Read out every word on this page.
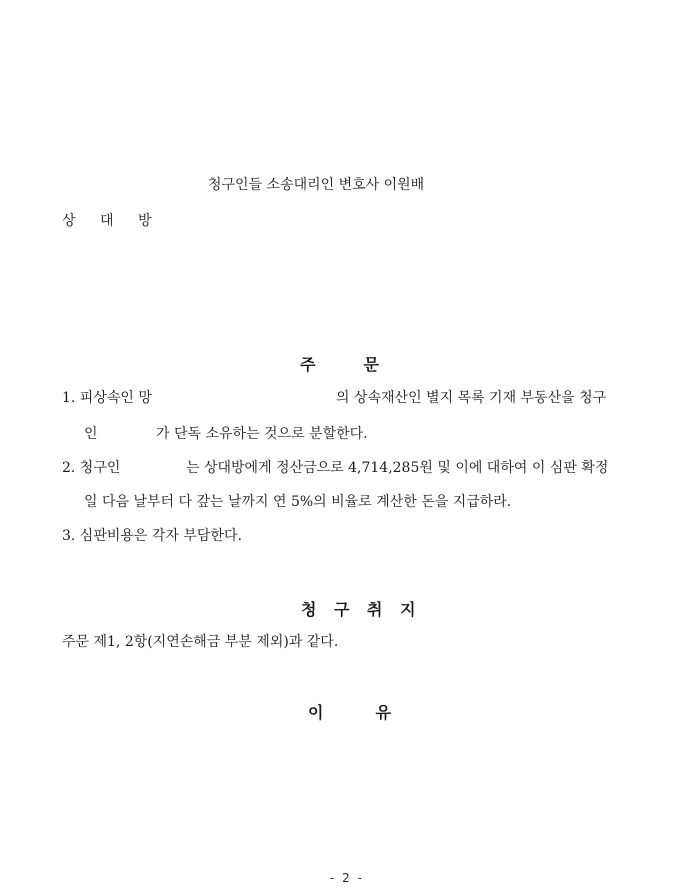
청구인들 소송대리인 변호사 이원배
상 대 방
주	문
1. 피상속인 망	의 상속재산인 별지 목록 기재 부동산을 청구
인	가 단독 소유하는 것으로 분할한다.
2. 청구인	는 상대방에게 정산금으로 4,714,285원 및 이에 대하여 이 심판 확정
일 다음 날부터 다 갚는 날까지 연 5%의 비율로 계산한 돈을 지급하라.
3. 심판비용은 각자 부담한다.
청 구 취 지
주문 제1, 2항(지연손해금 부분 제외)과 같다.
이	유
- 2 -
